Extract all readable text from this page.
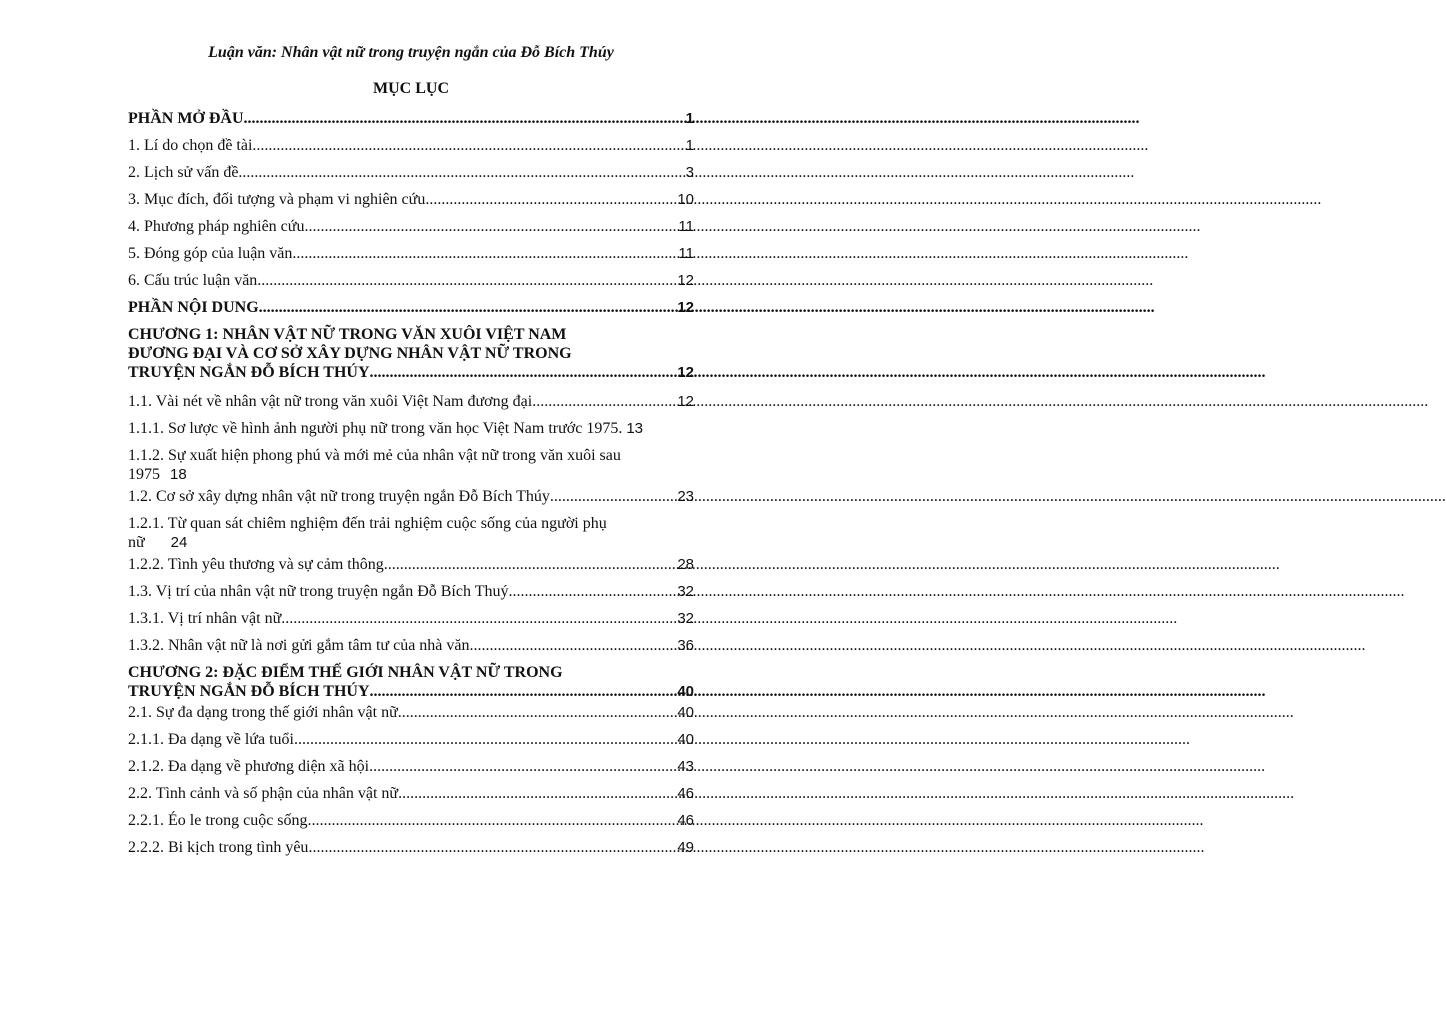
Luận văn: Nhân vật nữ trong truyện ngắn của Đỗ Bích Thúy
MỤC LỤC
PHẦN MỞ ĐẦU .....	1
1. Lí do chọn đề tài .....	1
2. Lịch sử vấn đề .....	3
3. Mục đích, đối tượng và phạm vi nghiên cứu .....	10
4. Phương pháp nghiên cứu .....	11
5. Đóng góp của luận văn .....	11
6. Cấu trúc luận văn .....	12
PHẦN NỘI DUNG .....	12
CHƯƠNG 1: NHÂN VẬT NỮ TRONG VĂN XUÔI VIỆT NAM
ĐƯƠNG ĐẠI VÀ CƠ SỞ XÂY DỰNG NHÂN VẬT NỮ TRONG
TRUYỆN NGẮN ĐỖ BÍCH THÚY .....	12
1.1. Vài nét về nhân vật nữ trong văn xuôi Việt Nam đương đại .....	12
1.1.1. Sơ lược về hình ảnh người phụ nữ trong văn học Việt Nam trước 1975. 13
1.1.2. Sự xuất hiện phong phú và mới mẻ của nhân vật nữ trong văn xuôi sau
1975 18
1.2. Cơ sở xây dựng nhân vật nữ trong truyện ngắn Đỗ Bích Thúy .....	23
1.2.1. Từ quan sát chiêm nghiệm đến trải nghiệm cuộc sống của người phụ
nữ 24
1.2.2. Tình yêu thương và sự cảm thông .....	28
1.3. Vị trí của nhân vật nữ trong truyện ngắn Đỗ Bích Thuý .....	32
1.3.1. Vị trí nhân vật nữ .....	32
1.3.2. Nhân vật nữ là nơi gửi gắm tâm tư của nhà văn .....	36
CHƯƠNG 2: ĐẶC ĐIỂM THẾ GIỚI NHÂN VẬT NỮ TRONG
TRUYỆN NGẮN ĐỖ BÍCH THÚY .....	40
2.1. Sự đa dạng trong thế giới nhân vật nữ .....	40
2.1.1. Đa dạng về lứa tuổi .....	40
2.1.2. Đa dạng về phương diện xã hội .....	43
2.2. Tình cảnh và số phận của nhân vật nữ .....	46
2.2.1. Éo le trong cuộc sống .....	46
2.2.2. Bi kịch trong tình yêu .....	49
